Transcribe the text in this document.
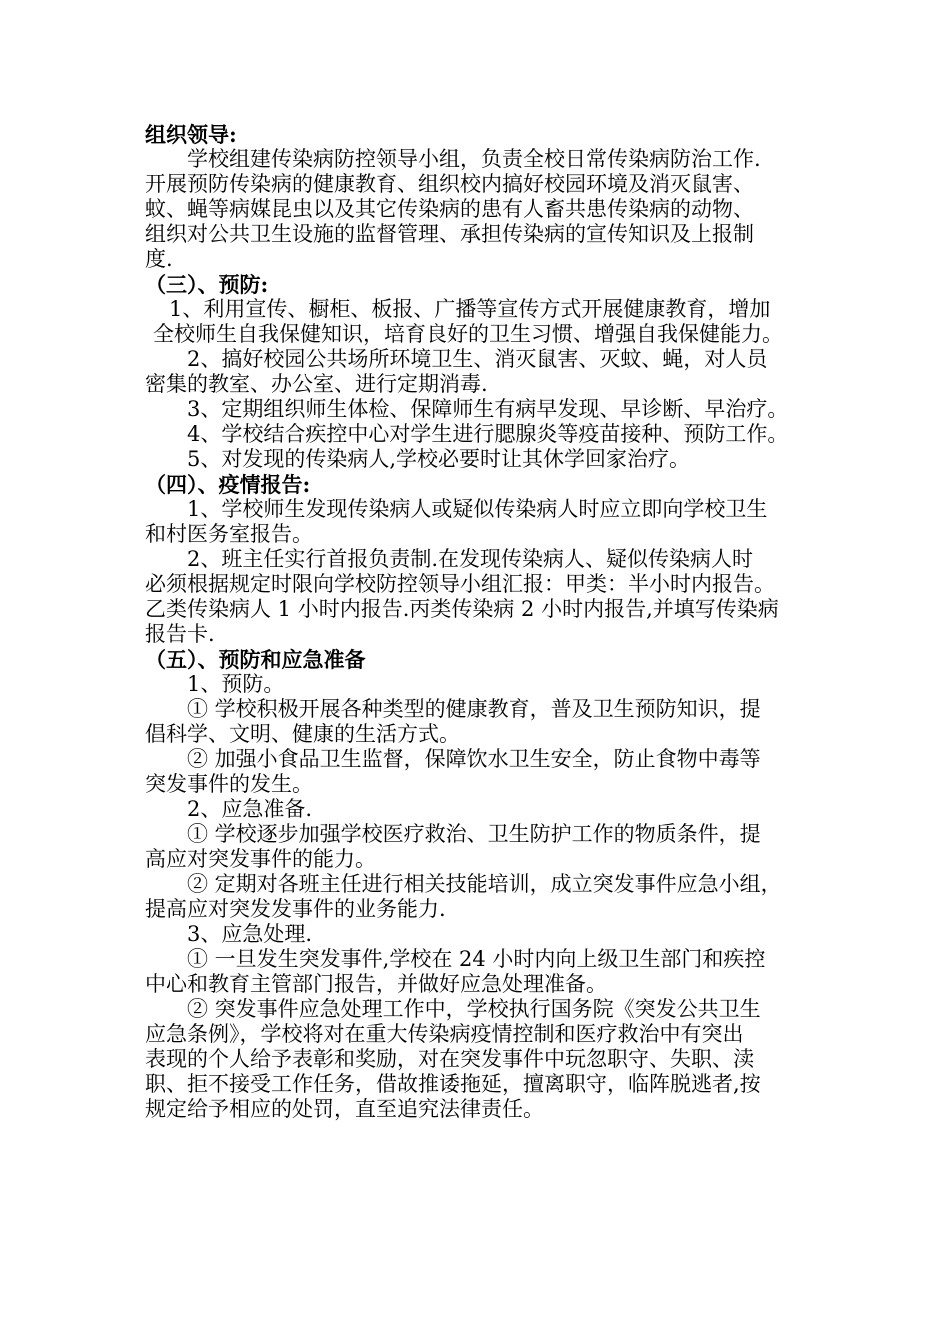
组织领导:

学校组建传染病防控领导小组，负责全校日常传染病防治工作.

开展预防传染病的健康教育、组织校内搞好校园环境及消灭鼠害、

蚊、蝇等病媒昆虫以及其它传染病的患有人畜共患传染病的动物、

组织对公共卫生设施的监督管理、承担传染病的宣传知识及上报制

度.

（三）、预防:

1、利用宣传、橱柜、板报、广播等宣传方式开展健康教育，增加

全校师生自我保健知识，培育良好的卫生习惯、增强自我保健能力。

2、搞好校园公共场所环境卫生、消灭鼠害、灭蚊、蝇，对人员

密集的教室、办公室、进行定期消毒.

3、定期组织师生体检、保障师生有病早发现、早诊断、早治疗。

4、学校结合疾控中心对学生进行腮腺炎等疫苗接种、预防工作。

5、对发现的传染病人,学校必要时让其休学回家治疗。

（四）、疫情报告:

1、学校师生发现传染病人或疑似传染病人时应立即向学校卫生

和村医务室报告。

2、班主任实行首报负责制.在发现传染病人、疑似传染病人时

必须根据规定时限向学校防控领导小组汇报：甲类：半小时内报告。

乙类传染病人 1 小时内报告.丙类传染病 2 小时内报告,并填写传染病

报告卡.

（五）、预防和应急准备

1、预防。

① 学校积极开展各种类型的健康教育，普及卫生预防知识，提

倡科学、文明、健康的生活方式。

② 加强小食品卫生监督，保障饮水卫生安全，防止食物中毒等

突发事件的发生。

2、应急准备.

① 学校逐步加强学校医疗救治、卫生防护工作的物质条件，提

高应对突发事件的能力。

② 定期对各班主任进行相关技能培训，成立突发事件应急小组，

提高应对突发发事件的业务能力.

3、应急处理.

① 一旦发生突发事件,学校在 24 小时内向上级卫生部门和疾控

中心和教育主管部门报告，并做好应急处理准备。

② 突发事件应急处理工作中，学校执行国务院《突发公共卫生

应急条例》，学校将对在重大传染病疫情控制和医疗救治中有突出

表现的个人给予表彰和奖励，对在突发事件中玩忽职守、失职、渎

职、拒不接受工作任务，借故推诿拖延，擅离职守，临阵脱逃者,按

规定给予相应的处罚，直至追究法律责任。
